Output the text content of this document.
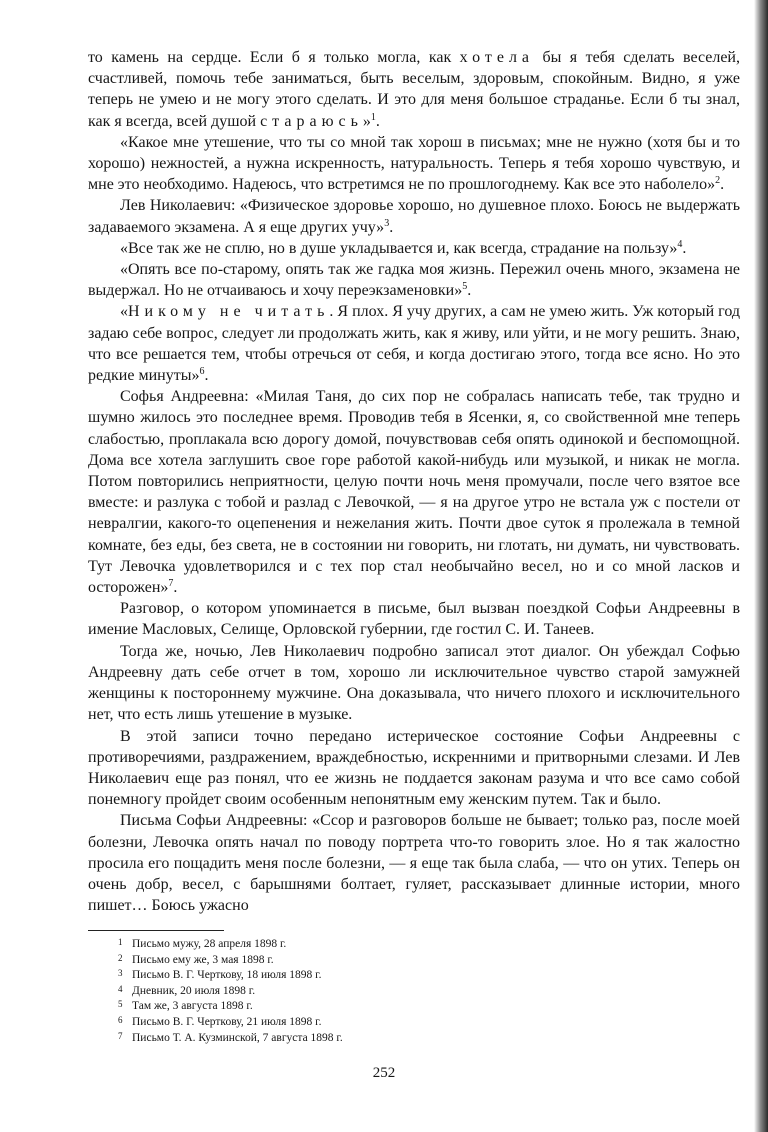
то камень на сердце. Если б я только могла, как хотела бы я тебя сделать веселей, счастливей, помочь тебе заниматься, быть веселым, здоровым, спокойным. Видно, я уже теперь не умею и не могу этого сделать. И это для меня большое страданье. Если б ты знал, как я всегда, всей душой стараюсь»$^1$.

«Какое мне утешение, что ты со мной так хорош в письмах; мне не нужно (хотя бы и то хорошо) нежностей, а нужна искренность, натуральность. Теперь я тебя хорошо чувствую, и мне это необходимо. Надеюсь, что встретимся не по прошлогоднему. Как все это наболело»$^2$.

Лев Николаевич: «Физическое здоровье хорошо, но душевное плохо. Боюсь не выдержать задаваемого экзамена. А я еще других учу»$^3$.

«Все так же не сплю, но в душе укладывается и, как всегда, страдание на пользу»$^4$.

«Опять все по-старому, опять так же гадка моя жизнь. Пережил очень много, экзамена не выдержал. Но не отчаиваюсь и хочу переэкзаменовки»$^5$.

«Никому не читать. Я плох. Я учу других, а сам не умею жить. Уж который год задаю себе вопрос, следует ли продолжать жить, как я живу, или уйти, и не могу решить. Знаю, что все решается тем, чтобы отречься от себя, и когда достигаю этого, тогда все ясно. Но это редкие минуты»$^6$.

Софья Андреевна: «Милая Таня, до сих пор не собралась написать тебе, так трудно и шумно жилось это последнее время. Проводив тебя в Ясенки, я, со свойственной мне теперь слабостью, проплакала всю дорогу домой, почувствовав себя опять одинокой и беспомощной. Дома все хотела заглушить свое горе работой какой-нибудь или музыкой, и никак не могла. Потом повторились неприятности, целую почти ночь меня промучали, после чего взятое все вместе: и разлука с тобой и разлад с Левочкой, — я на другое утро не встала уж с постели от невралгии, какого-то оцепенения и нежелания жить. Почти двое суток я пролежала в темной комнате, без еды, без света, не в состоянии ни говорить, ни глотать, ни думать, ни чувствовать. Тут Левочка удовлетворился и с тех пор стал необычайно весел, но и со мной ласков и осторожен»$^7$.

Разговор, о котором упоминается в письме, был вызван поездкой Софьи Андреевны в имение Масловых, Селище, Орловской губернии, где гостил С. И. Танеев.

Тогда же, ночью, Лев Николаевич подробно записал этот диалог. Он убеждал Софью Андреевну дать себе отчет в том, хорошо ли исключительное чувство старой замужней женщины к постороннему мужчине. Она доказывала, что ничего плохого и исключительного нет, что есть лишь утешение в музыке.

В этой записи точно передано истерическое состояние Софьи Андреевны с противоречиями, раздражением, враждебностью, искренними и притворными слезами. И Лев Николаевич еще раз понял, что ее жизнь не поддается законам разума и что все само собой понемногу пройдет своим особенным непонятным ему женским путем. Так и было.

Письма Софьи Андреевны: «Ссор и разговоров больше не бывает; только раз, после моей болезни, Левочка опять начал по поводу портрета что-то говорить злое. Но я так жалостно просила его пощадить меня после болезни, — я еще так была слаба, — что он утих. Теперь он очень добр, весел, с барышнями болтает, гуляет, рассказывает длинные истории, много пишет… Боюсь ужасно

1 Письмо мужу, 28 апреля 1898 г.
2 Письмо ему же, 3 мая 1898 г.
3 Письмо В. Г. Черткову, 18 июля 1898 г.
4 Дневник, 20 июля 1898 г.
5 Там же, 3 августа 1898 г.
6 Письмо В. Г. Черткову, 21 июля 1898 г.
7 Письмо Т. А. Кузминской, 7 августа 1898 г.
252
